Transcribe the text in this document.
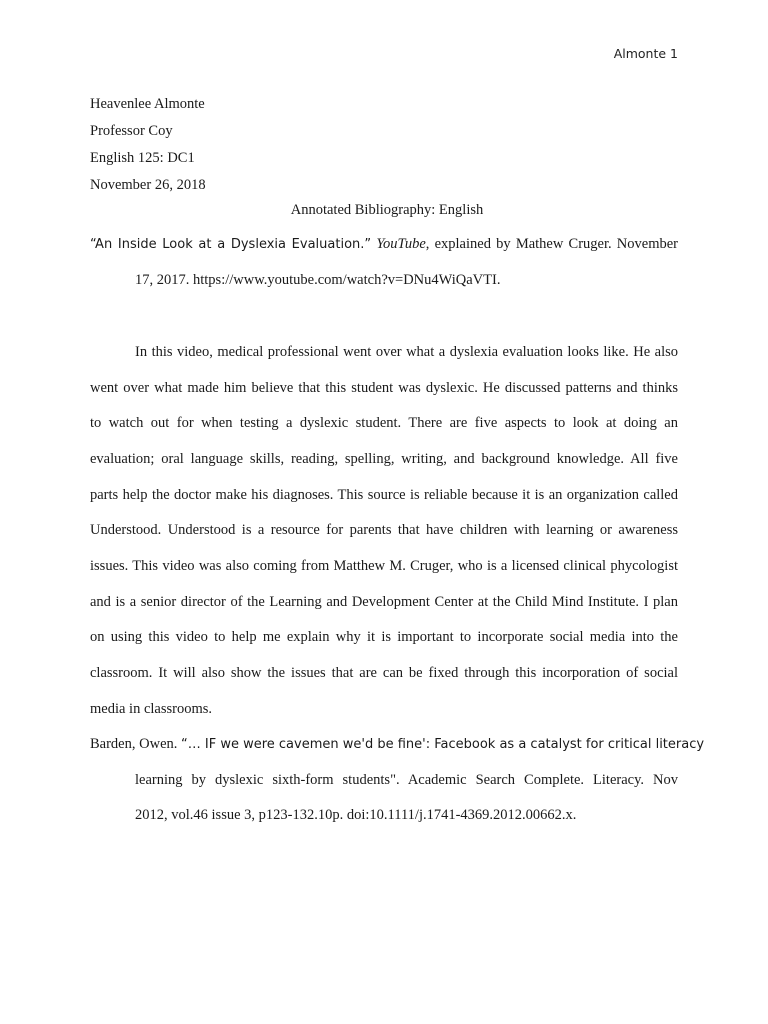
Almonte 1
Heavenlee Almonte
Professor Coy
English 125: DC1
November 26, 2018
Annotated Bibliography: English
“An Inside Look at a Dyslexia Evaluation.” YouTube, explained by Mathew Cruger. November
17, 2017. https://www.youtube.com/watch?v=DNu4WiQaVTI.
In this video, medical professional went over what a dyslexia evaluation looks like. He also
went over what made him believe that this student was dyslexic. He discussed patterns and thinks
to watch out for when testing a dyslexic student. There are five aspects to look at doing an
evaluation; oral language skills, reading, spelling, writing, and background knowledge. All five
parts help the doctor make his diagnoses. This source is reliable because it is an organization called
Understood. Understood is a resource for parents that have children with learning or awareness
issues. This video was also coming from Matthew M. Cruger, who is a licensed clinical phycologist
and is a senior director of the Learning and Development Center at the Child Mind Institute. I plan
on using this video to help me explain why it is important to incorporate social media into the
classroom. It will also show the issues that are can be fixed through this incorporation of social
media in classrooms.
Barden, Owen. “… IF we were cavemen we'd be fine': Facebook as a catalyst for critical literacy
learning by dyslexic sixth-form students". Academic Search Complete. Literacy. Nov
2012, vol.46 issue 3, p123-132.10p. doi:10.1111/j.1741-4369.2012.00662.x.
